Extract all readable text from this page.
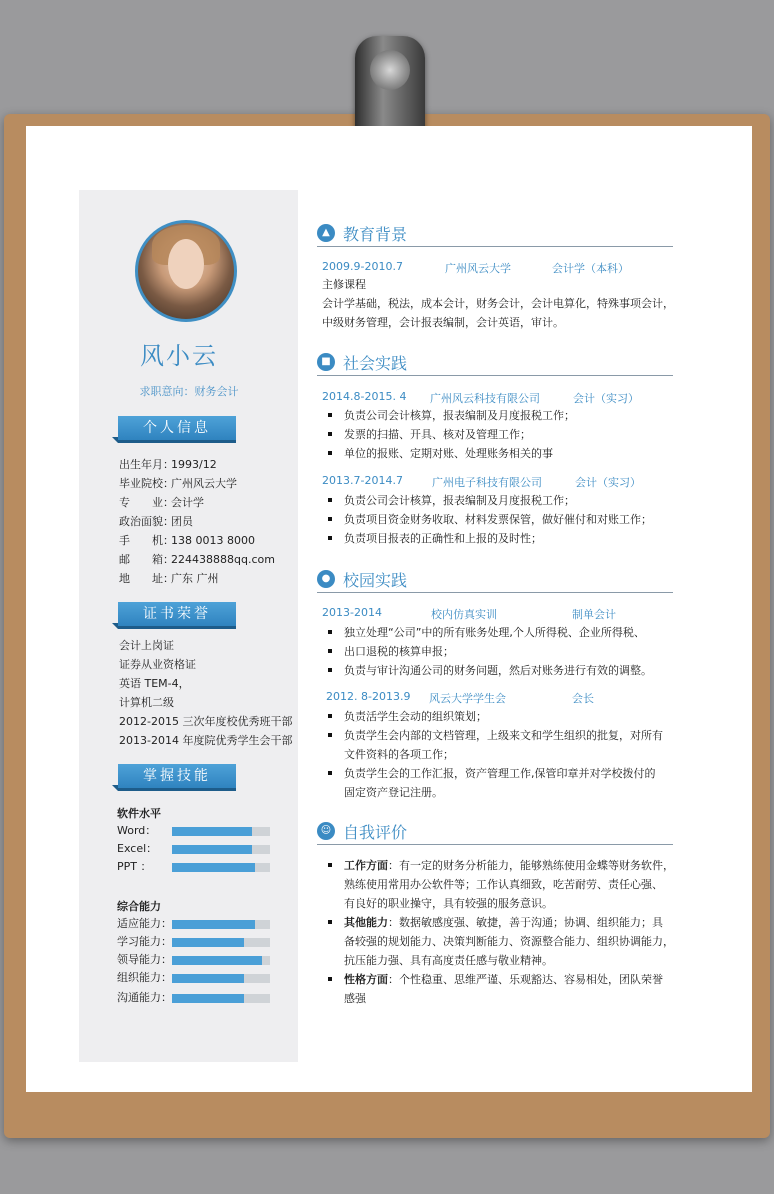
风小云
求职意向：财务会计
个人信息
出生年月：1993/12
毕业院校：广州风云大学
专　　业：会计学
政治面貌：团员
手　　机：138 0013 8000
邮　　箱：224438888qq.com
地　　址：广东 广州
证书荣誉
会计上岗证
证券从业资格证
英语 TEM-4，
计算机二级
2012-2015 三次年度校优秀班干部
2013-2014 年度院优秀学生会干部
掌握技能
软件水平
Word：
Excel：
PPT ：
综合能力
适应能力：
学习能力：
领导能力：
组织能力：
沟通能力：
▲ 教育背景
2009.9-2010.7	广州风云大学	会计学（本科）
主修课程
会计学基础，税法，成本会计，财务会计，会计电算化，特殊事项会计，
中级财务管理，会计报表编制，会计英语，审计。
■ 社会实践
2014.8-2015. 4 广州风云科技有限公司	会计（实习）
负责公司会计核算，报表编制及月度报税工作；
发票的扫描、开具、核对及管理工作；
单位的报账、定期对账、处理账务相关的事
2013.7-2014.7	广州电子科技有限公司	会计（实习）
负责公司会计核算，报表编制及月度报税工作；
负责项目资金财务收取、材料发票保管，做好催付和对账工作；
负责项目报表的正确性和上报的及时性；
● 校园实践
2013-2014	校内仿真实训	制单会计
独立处理“公司”中的所有账务处理,个人所得税、企业所得税、
出口退税的核算申报；
负责与审计沟通公司的财务问题，然后对账务进行有效的调整。
2012. 8-2013.9 风云大学学生会	会长
负责活学生会动的组织策划；
负责学生会内部的文档管理，上级来文和学生组织的批复，对所有
文件资料的各项工作；
负责学生会的工作汇报，资产管理工作,保管印章并对学校拨付的
固定资产登记注册。
☺ 自我评价
工作方面：有一定的财务分析能力，能够熟练使用金蝶等财务软件，
熟练使用常用办公软件等；工作认真细致，吃苦耐劳、责任心强、
有良好的职业操守，具有较强的服务意识。
其他能力：数据敏感度强、敏捷，善于沟通；协调、组织能力；具
备较强的规划能力、决策判断能力、资源整合能力、组织协调能力，
抗压能力强、具有高度责任感与敬业精神。
性格方面：个性稳重、思维严谨、乐观豁达、容易相处，团队荣誉
感强
